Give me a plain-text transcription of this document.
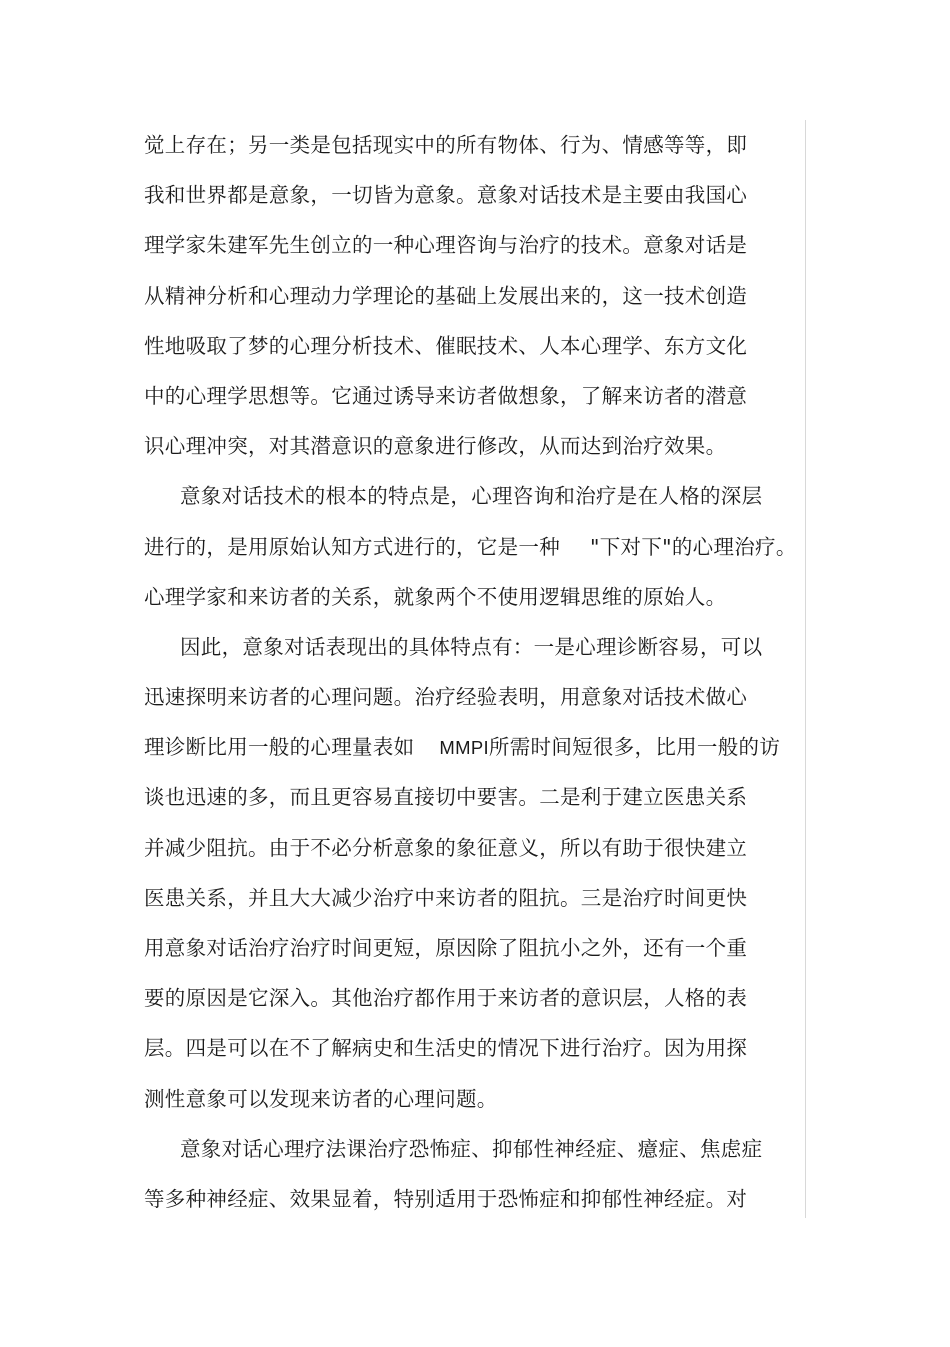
觉上存在；另一类是包括现实中的所有物体、行为、情感等等，即
我和世界都是意象，一切皆为意象。意象对话技术是主要由我国心
理学家朱建军先生创立的一种心理咨询与治疗的技术。意象对话是
从精神分析和心理动力学理论的基础上发展出来的，这一技术创造
性地吸取了梦的心理分析技术、催眠技术、人本心理学、东方文化
中的心理学思想等。它通过诱导来访者做想象，了解来访者的潜意
识心理冲突，对其潜意识的意象进行修改，从而达到治疗效果。
意象对话技术的根本的特点是，心理咨询和治疗是在人格的深层
进行的，是用原始认知方式进行的，它是一种 "下对下"的心理治疗。
心理学家和来访者的关系，就象两个不使用逻辑思维的原始人。
因此，意象对话表现出的具体特点有：一是心理诊断容易，可以
迅速探明来访者的心理问题。治疗经验表明，用意象对话技术做心
理诊断比用一般的心理量表如 MMPI所需时间短很多，比用一般的访
谈也迅速的多，而且更容易直接切中要害。二是利于建立医患关系
并减少阻抗。由于不必分析意象的象征意义，所以有助于很快建立
医患关系，并且大大减少治疗中来访者的阻抗。三是治疗时间更快
用意象对话治疗治疗时间更短，原因除了阻抗小之外，还有一个重
要的原因是它深入。其他治疗都作用于来访者的意识层，人格的表
层。四是可以在不了解病史和生活史的情况下进行治疗。因为用探
测性意象可以发现来访者的心理问题。
意象对话心理疗法课治疗恐怖症、抑郁性神经症、癔症、焦虑症
等多种神经症、效果显着，特别适用于恐怖症和抑郁性神经症。对
